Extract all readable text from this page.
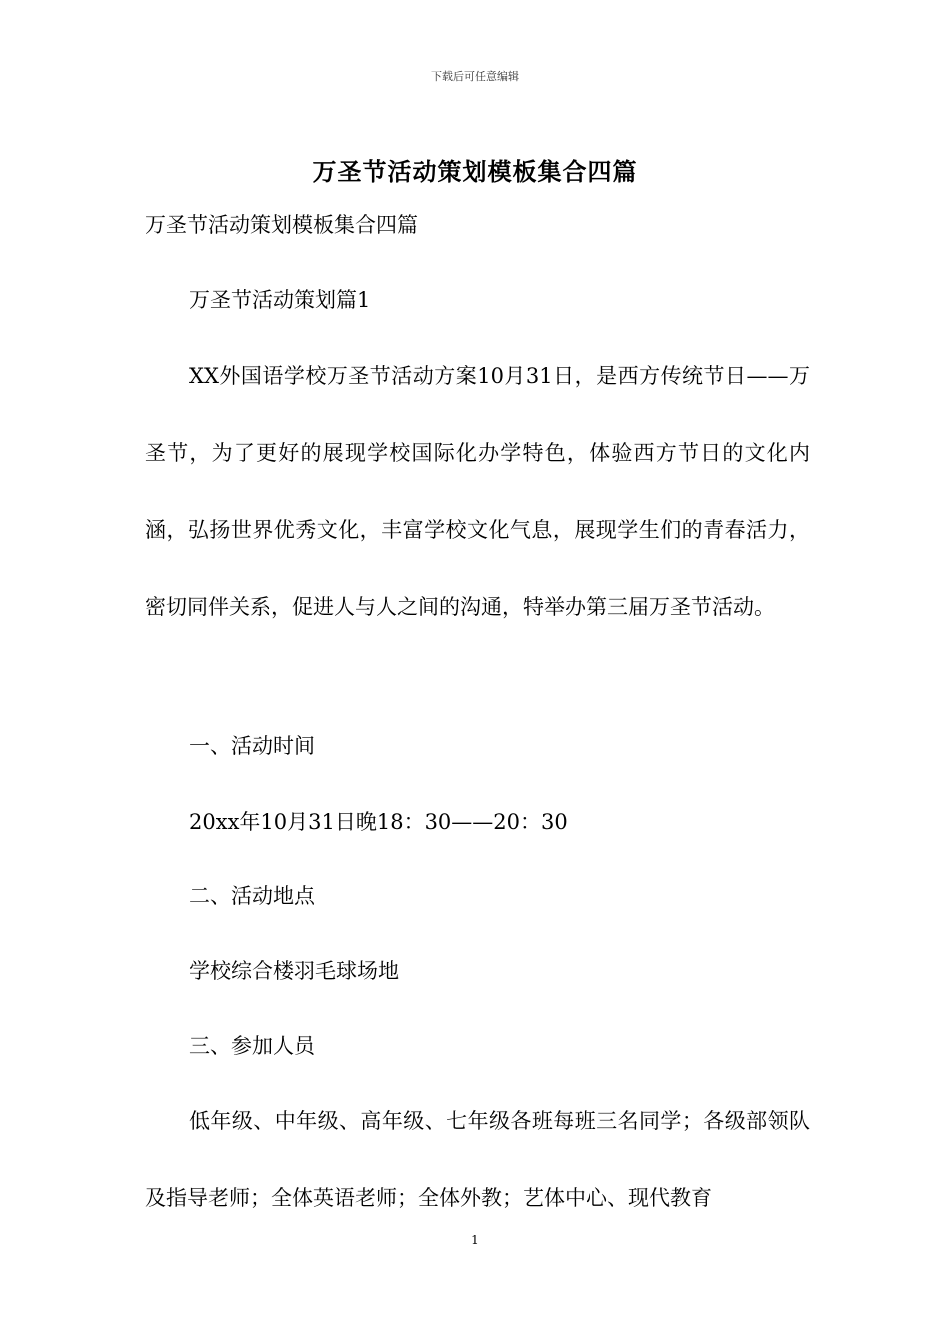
下载后可任意编辑
万圣节活动策划模板集合四篇

万圣节活动策划模板集合四篇

万圣节活动策划篇1

XX外国语学校万圣节活动方案10月31日，是西方传统节日——万圣节，为了更好的展现学校国际化办学特色，体验西方节日的文化内涵，弘扬世界优秀文化，丰富学校文化气息，展现学生们的青春活力，密切同伴关系，促进人与人之间的沟通，特举办第三届万圣节活动。

一、活动时间

20xx年10月31日晚18：30——20：30

二、活动地点

学校综合楼羽毛球场地

三、参加人员

低年级、中年级、高年级、七年级各班每班三名同学；各级部领队及指导老师；全体英语老师；全体外教；艺体中心、现代教育

1
